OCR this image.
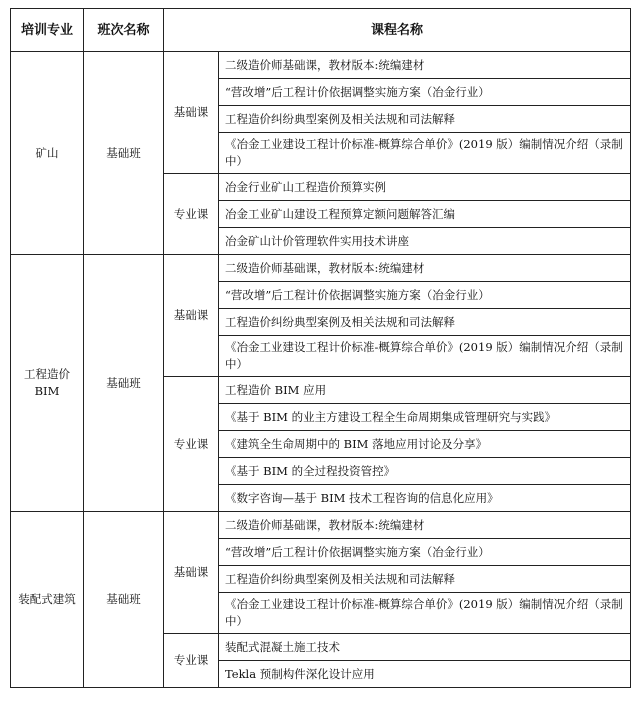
培训专业	班次名称	课程名称	
矿山	基础班	基础课	二级造价师基础课，教材版本:统编建材
			“营改增”后工程计价依据调整实施方案（冶金行业）
			工程造价纠纷典型案例及相关法规和司法解释
			《冶金工业建设工程计价标准-概算综合单价》(2019 版）编制情况介绍（录制中）
		专业课	冶金行业矿山工程造价预算实例
			冶金工业矿山建设工程预算定额问题解答汇编
			冶金矿山计价管理软件实用技术讲座
工程造价BIM	基础班	基础课	二级造价师基础课，教材版本:统编建材
			“营改增”后工程计价依据调整实施方案（冶金行业）
			工程造价纠纷典型案例及相关法规和司法解释
			《冶金工业建设工程计价标准-概算综合单价》(2019 版）编制情况介绍（录制中）
		专业课	工程造价 BIM 应用
			《基于 BIM 的业主方建设工程全生命周期集成管理研究与实践》
			《建筑全生命周期中的 BIM 落地应用讨论及分享》
			《基于 BIM 的全过程投资管控》
			《数字咨询—基于 BIM 技术工程咨询的信息化应用》
装配式建筑	基础班	基础课	二级造价师基础课，教材版本:统编建材
			“营改增”后工程计价依据调整实施方案（冶金行业）
			工程造价纠纷典型案例及相关法规和司法解释
			《冶金工业建设工程计价标准-概算综合单价》(2019 版）编制情况介绍（录制中）
		专业课	装配式混凝土施工技术
			Tekla 预制构件深化设计应用
